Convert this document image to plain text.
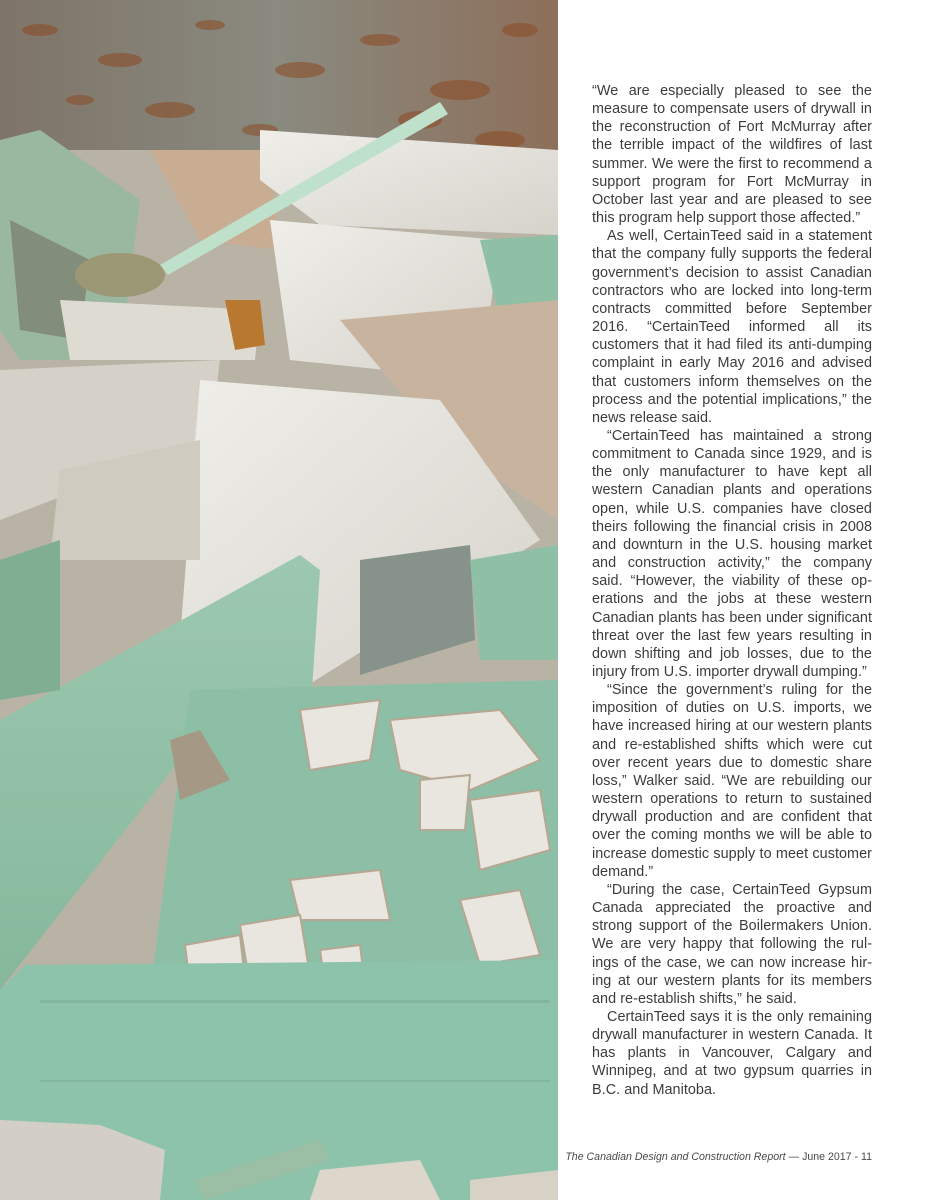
“We are especially pleased to see the measure to compensate users of drywall in the reconstruction of Fort McMurray after the terrible impact of the wildfires of last summer. We were the first to recommend a support program for Fort McMurray in October last year and are pleased to see this program help support those affected.”

As well, CertainTeed said in a statement that the company fully supports the federal government’s decision to assist Canadian contractors who are locked into long-term contracts committed before September 2016. “CertainTeed informed all its customers that it had filed its anti-dumping complaint in early May 2016 and advised that customers inform themselves on the process and the potential implications,” the news release said.

“CertainTeed has maintained a strong commitment to Canada since 1929, and is the only manufacturer to have kept all western Canadian plants and operations open, while U.S. companies have closed theirs following the financial crisis in 2008 and downturn in the U.S. housing market and construction activity,” the company said. “However, the viability of these operations and the jobs at these western Canadian plants has been under significant threat over the last few years resulting in down shifting and job losses, due to the injury from U.S. importer drywall dumping.”

“Since the government’s ruling for the imposition of duties on U.S. imports, we have increased hiring at our western plants and re-established shifts which were cut over recent years due to domestic share loss,” Walker said. “We are rebuilding our western operations to return to sustained drywall production and are confident that over the coming months we will be able to increase domestic supply to meet customer demand.”

“During the case, CertainTeed Gypsum Canada appreciated the proactive and strong support of the Boilermakers Union. We are very happy that following the rulings of the case, we can now increase hiring at our western plants for its members and re-establish shifts,” he said.

CertainTeed says it is the only remaining drywall manufacturer in western Canada. It has plants in Vancouver, Calgary and Winnipeg, and at two gypsum quarries in B.C. and Manitoba.

The Canadian Design and Construction Report — June 2017 - 11
